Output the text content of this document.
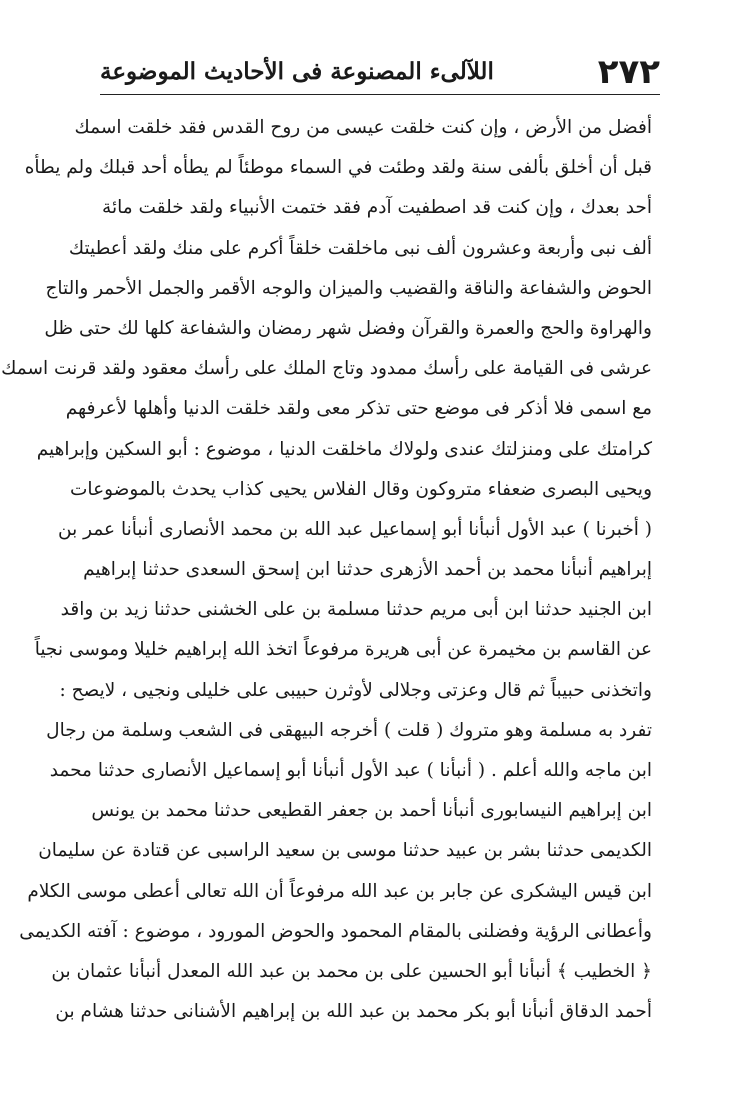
٢٧٢
اللآلىء المصنوعة فى الأحاديث الموضوعة
أفضل من الأرض ، وإن كنت خلقت عيسى من روح القدس فقد خلقت اسمك
قبل أن أخلق بألفى سنة ولقد وطئت في السماء موطئاً لم يطأه أحد قبلك ولم يطأه
أحد بعدك ، وإن كنت قد اصطفيت آدم فقد ختمت الأنبياء ولقد خلقت مائة
ألف نبى وأربعة وعشرون ألف نبى ماخلقت خلقاً أكرم على منك ولقد أعطيتك
الحوض والشفاعة والناقة والقضيب والميزان والوجه الأقمر والجمل الأحمر والتاج
والهراوة والحج والعمرة والقرآن وفضل شهر رمضان والشفاعة كلها لك حتى ظل
عرشى فى القيامة على رأسك ممدود وتاج الملك على رأسك معقود ولقد قرنت اسمك
مع اسمى فلا أذكر فى موضع حتى تذكر معى ولقد خلقت الدنيا وأهلها لأعرفهم
كرامتك على ومنزلتك عندى ولولاك ماخلقت الدنيا ، موضوع : أبو السكين وإبراهيم
ويحيى البصرى ضعفاء متروكون وقال الفلاس يحيى كذاب يحدث بالموضوعات
( أخبرنا ) عبد الأول أنبأنا أبو إسماعيل عبد الله بن محمد الأنصارى أنبأنا عمر بن
إبراهيم أنبأنا محمد بن أحمد الأزهرى حدثنا ابن إسحق السعدى حدثنا إبراهيم
ابن الجنيد حدثنا ابن أبى مريم حدثنا مسلمة بن على الخشنى حدثنا زيد بن واقد
عن القاسم بن مخيمرة عن أبى هريرة مرفوعاً اتخذ الله إبراهيم خليلا وموسى نجياً
واتخذنى حبيباً ثم قال وعزتى وجلالى لأوثرن حبيبى على خليلى ونجيى ، لايصح :
تفرد به مسلمة وهو متروك ( قلت ) أخرجه البيهقى فى الشعب وسلمة من رجال
ابن ماجه والله أعلم . ( أنبأنا ) عبد الأول أنبأنا أبو إسماعيل الأنصارى حدثنا محمد
ابن إبراهيم النيسابورى أنبأنا أحمد بن جعفر القطيعى حدثنا محمد بن يونس
الكديمى حدثنا بشر بن عبيد حدثنا موسى بن سعيد الراسبى عن قتادة عن سليمان
ابن قيس اليشكرى عن جابر بن عبد الله مرفوعاً أن الله تعالى أعطى موسى الكلام
وأعطانى الرؤية وفضلنى بالمقام المحمود والحوض المورود ، موضوع : آفته الكديمى
﴿ الخطيب ﴾ أنبأنا أبو الحسين على بن محمد بن عبد الله المعدل أنبأنا عثمان بن
أحمد الدقاق أنبأنا أبو بكر محمد بن عبد الله بن إبراهيم الأشنانى حدثنا هشام بن
